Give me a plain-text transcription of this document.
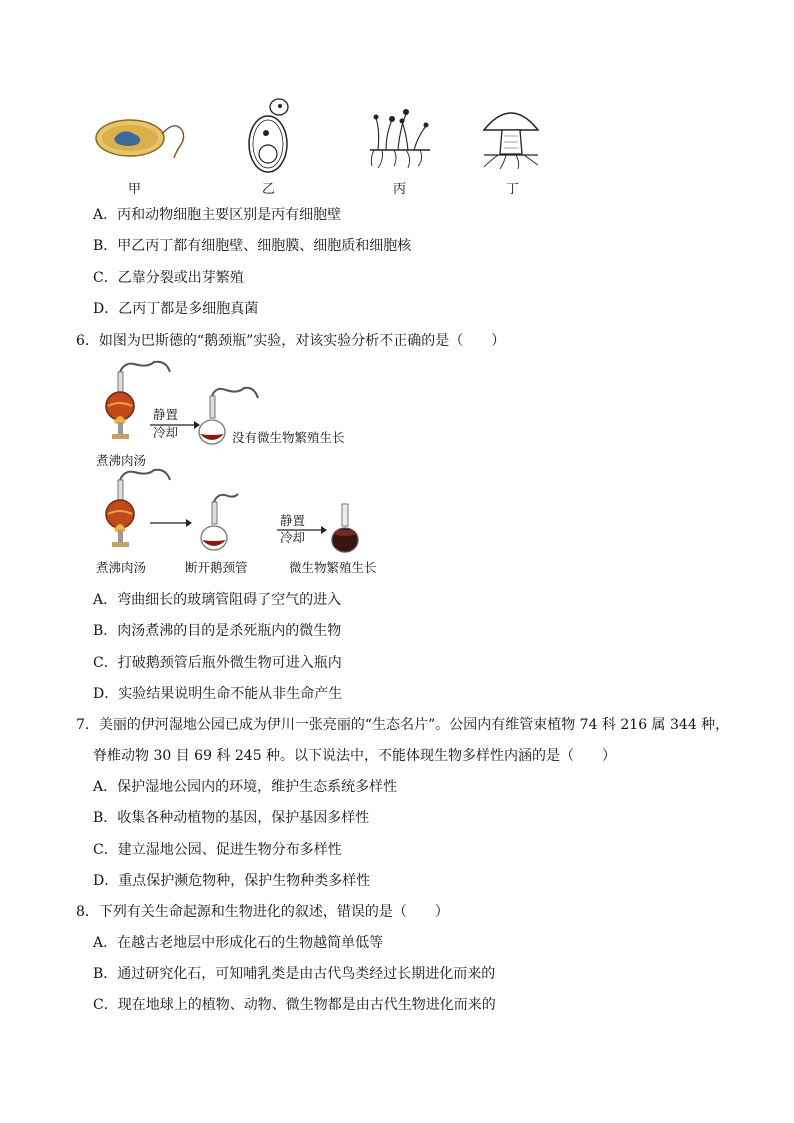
甲	乙	丙	丁
A．丙和动物细胞主要区别是丙有细胞壁
B．甲乙丙丁都有细胞壁、细胞膜、细胞质和细胞核
C．乙靠分裂或出芽繁殖
D．乙丙丁都是多细胞真菌
6．如图为巴斯德的“鹅颈瓶”实验，对该实验分析不正确的是（　　）
静置
冷却	没有微生物繁殖生长
煮沸肉汤
静置
冷却
煮沸肉汤	断开鹅颈管	微生物繁殖生长
A．弯曲细长的玻璃管阻碍了空气的进入
B．肉汤煮沸的目的是杀死瓶内的微生物
C．打破鹅颈管后瓶外微生物可进入瓶内
D．实验结果说明生命不能从非生命产生
7．美丽的伊河湿地公园已成为伊川一张亮丽的“生态名片”。公园内有维管束植物 74 科 216 属 344 种，
脊椎动物 30 目 69 科 245 种。以下说法中，不能体现生物多样性内涵的是（　　）
A．保护湿地公园内的环境，维护生态系统多样性
B．收集各种动植物的基因，保护基因多样性
C．建立湿地公园、促进生物分布多样性
D．重点保护濒危物种，保护生物种类多样性
8．下列有关生命起源和生物进化的叙述，错误的是（　　）
A．在越古老地层中形成化石的生物越简单低等
B．通过研究化石，可知哺乳类是由古代鸟类经过长期进化而来的
C．现在地球上的植物、动物、微生物都是由古代生物进化而来的
